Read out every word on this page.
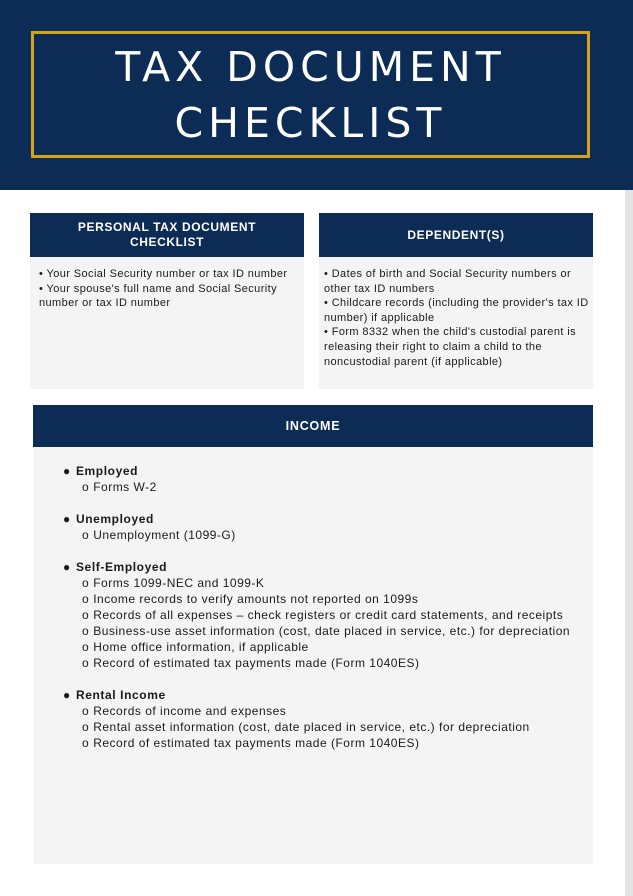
TAX DOCUMENT
CHECKLIST
PERSONAL TAX DOCUMENT CHECKLIST

• Your Social Security number or tax ID number

• Your spouse's full name and Social Security number or tax ID number

DEPENDENT(S)

• Dates of birth and Social Security numbers or other tax ID numbers

• Childcare records (including the provider's tax ID number) if applicable

• Form 8332 when the child's custodial parent is releasing their right to claim a child to the noncustodial parent (if applicable)

INCOME
● Employed
o Forms W-2
● Unemployed
o Unemployment (1099-G)
● Self-Employed
o Forms 1099-NEC and 1099-K
o Income records to verify amounts not reported on 1099s
o Records of all expenses – check registers or credit card statements, and receipts
o Business-use asset information (cost, date placed in service, etc.) for depreciation
o Home office information, if applicable
o Record of estimated tax payments made (Form 1040ES)
● Rental Income
o Records of income and expenses
o Rental asset information (cost, date placed in service, etc.) for depreciation
o Record of estimated tax payments made (Form 1040ES)
